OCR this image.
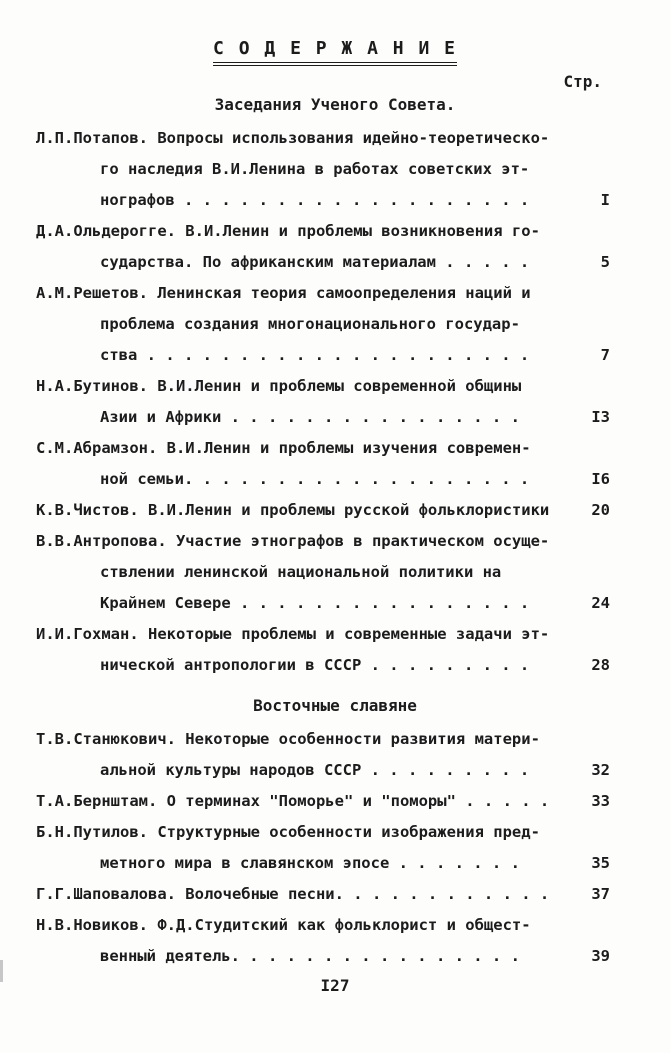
С О Д Е Р Ж А Н И Е
Стр.
Заседания Ученого Совета.
Л.П.Потапов. Вопросы использования идейно-теоретическо-
го наследия В.И.Ленина в работах советских эт-
нографов . . . . . . . . . . . . . . . . . . .	I
Д.А.Ольдерогге. В.И.Ленин и проблемы возникновения го-
сударства. По африканским материалам . . . . .	5
А.М.Решетов. Ленинская теория самоопределения наций и
проблема создания многонационального государ-
ства . . . . . . . . . . . . . . . . . . . . .	7
Н.А.Бутинов. В.И.Ленин и проблемы современной общины
Азии и Африки . . . . . . . . . . . . . . . .	I3
С.М.Абрамзон. В.И.Ленин и проблемы изучения современ-
ной семьи. . . . . . . . . . . . . . . . . . .	I6
К.В.Чистов. В.И.Ленин и проблемы русской фольклористики	20
В.В.Антропова. Участие этнографов в практическом осуще-
ствлении ленинской национальной политики на
Крайнем Севере . . . . . . . . . . . . . . . .	24
И.И.Гохман. Некоторые проблемы и современные задачи эт-
нической антропологии в СССР . . . . . . . . .	28
Восточные славяне
Т.В.Станюкович. Некоторые особенности развития матери-
альной культуры народов СССР . . . . . . . . .	32
Т.А.Бернштам. О терминах "Поморье" и "поморы" . . . . .	33
Б.Н.Путилов. Структурные особенности изображения пред-
метного мира в славянском эпосе . . . . . . .	35
Г.Г.Шаповалова. Волочебные песни. . . . . . . . . . . .	37
Н.В.Новиков. Ф.Д.Студитский как фольклорист и общест-
венный деятель. . . . . . . . . . . . . . . .	39
I27
